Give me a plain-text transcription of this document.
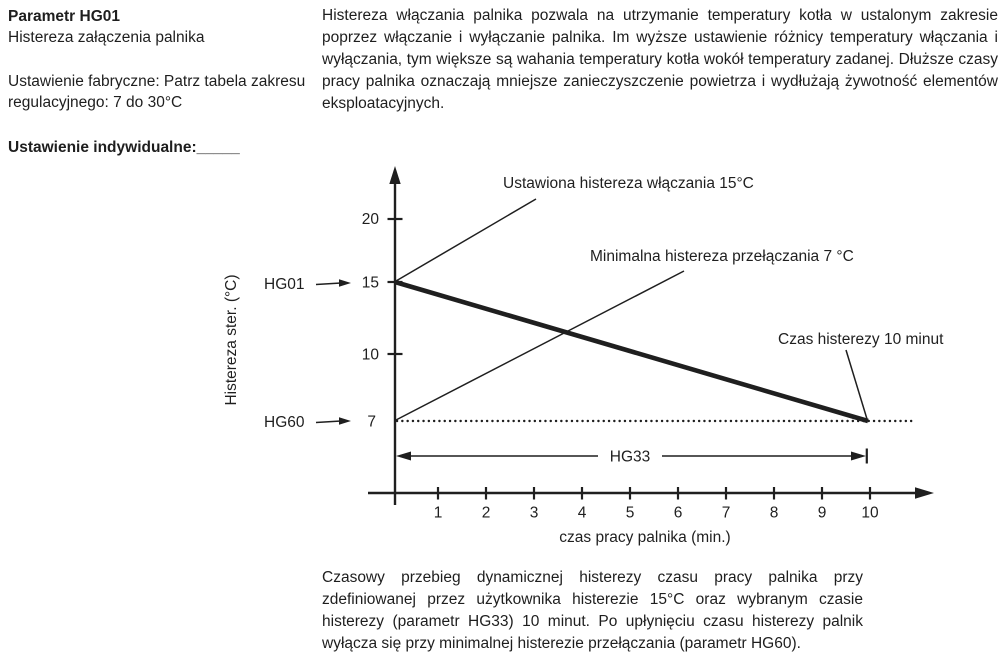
Parametr HG01
Histereza załączenia palnika
Ustawienie fabryczne: Patrz tabela zakresu regulacyjnego: 7 do 30°C
Ustawienie indywidualne:_____
Histereza włączania palnika pozwala na utrzymanie temperatury kotła w ustalonym zakresie poprzez włączanie i wyłączanie palnika. Im wyższe ustawienie różnicy temperatury włączania i wyłączania, tym większe są wahania temperatury kotła wokół temperatury zadanej. Dłuższe czasy pracy palnika oznaczają mniejsze zanieczyszczenie powietrza i wydłużają żywotność elementów eksploatacyjnych.
20
15
10
7
1	2	3	4	5	6	7	8	9 10
czas pracy palnika (min.)
Histereza ster. (°C)
Ustawiona histereza włączania 15°C
Minimalna histereza przełączania 7 °C
Czas histerezy 10 minut
HG01
HG60
HG33
Czasowy przebieg dynamicznej histerezy czasu pracy palnika przy zdefiniowanej przez użytkownika histerezie 15°C oraz wybranym czasie histerezy (parametr HG33) 10 minut. Po upłynięciu czasu histerezy palnik wyłącza się przy minimalnej histerezie przełączania (parametr HG60).
